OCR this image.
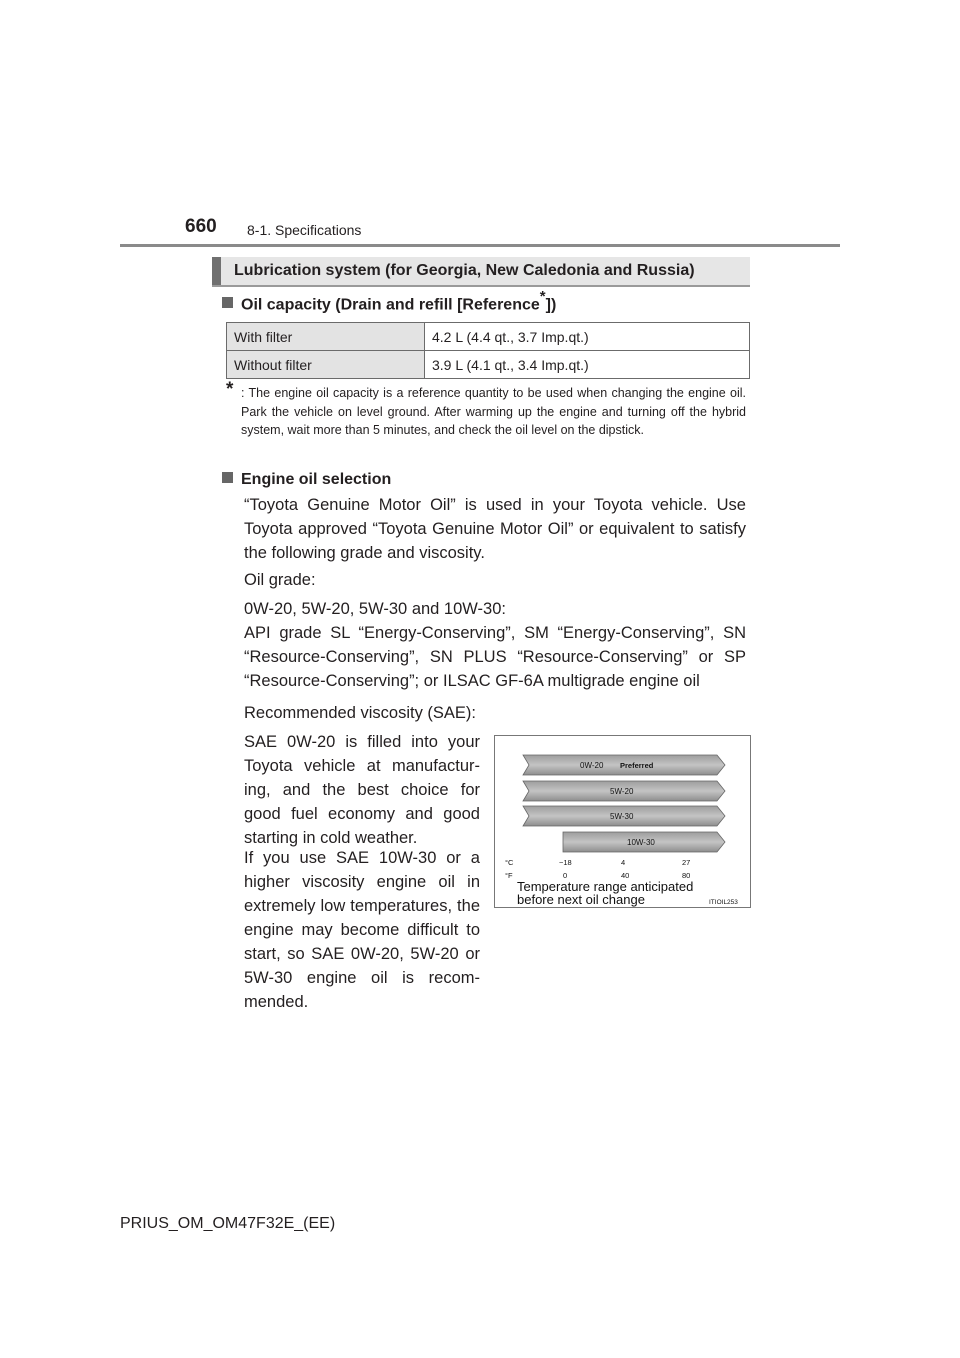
660 8-1. Specifications
Lubrication system (for Georgia, New Caledonia and Russia)
Oil capacity (Drain and refill [Reference*])
With filter	4.2 L (4.4 qt., 3.7 Imp.qt.)
Without filter	3.9 L (4.1 qt., 3.4 Imp.qt.)
* : The engine oil capacity is a reference quantity to be used when changing the engine oil. Park the vehicle on level ground. After warming up the engine and turning off the hybrid system, wait more than 5 minutes, and check the oil level on the dipstick.
Engine oil selection
“Toyota Genuine Motor Oil” is used in your Toyota vehicle. Use Toyota approved “Toyota Genuine Motor Oil” or equivalent to satisfy the following grade and viscosity.
Oil grade:
0W-20, 5W-20, 5W-30 and 10W-30:
API grade SL “Energy-Conserving”, SM “Energy-Conserving”, SN “Resource-Conserving”, SN PLUS “Resource-Conserving” or SP “Resource-Conserving”; or ILSAC GF-6A multigrade engine oil
Recommended viscosity (SAE):
SAE 0W-20 is filled into your Toyota vehicle at manufactur-ing, and the best choice for good fuel economy and good starting in cold weather.
If you use SAE 10W-30 or a higher viscosity engine oil in extremely low temperatures, the engine may become difficult to start, so SAE 0W-20, 5W-20 or 5W-30 engine oil is recom-mended.
0W-20 Preferred
5W-20
5W-30
10W-30
°C	−18	4	27
°F	0	40	80
Temperature range anticipated
before next oil change	ITIOIL253
PRIUS_OM_OM47F32E_(EE)
